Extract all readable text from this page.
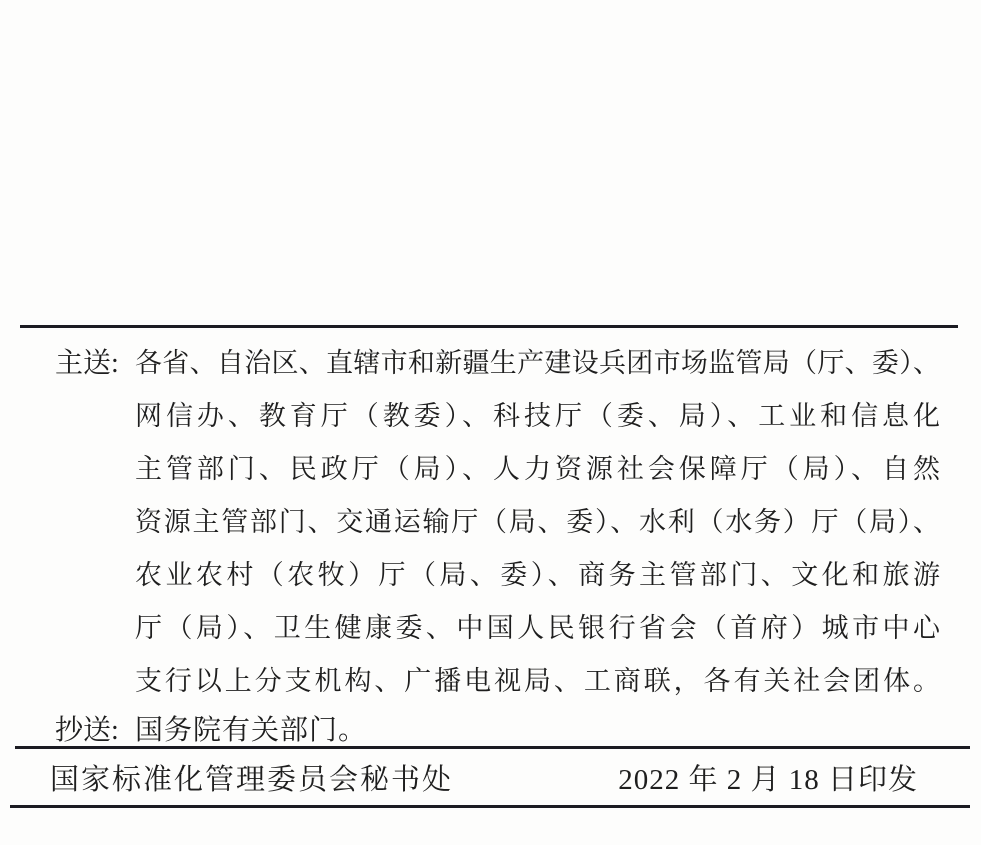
主送: 各省、自治区、直辖市和新疆生产建设兵团市场监管局（厅、委）、
网信办、教育厅（教委）、科技厅（委、局）、工业和信息化
主管部门、民政厅（局）、人力资源社会保障厅（局）、自然
资源主管部门、交通运输厅（局、委）、水利（水务）厅（局）、
农业农村（农牧）厅（局、委）、商务主管部门、文化和旅游
厅（局）、卫生健康委、中国人民银行省会（首府）城市中心
支行以上分支机构、广播电视局、工商联，各有关社会团体。
抄送: 国务院有关部门。
国家标准化管理委员会秘书处	2022 年 2 月 18 日印发
